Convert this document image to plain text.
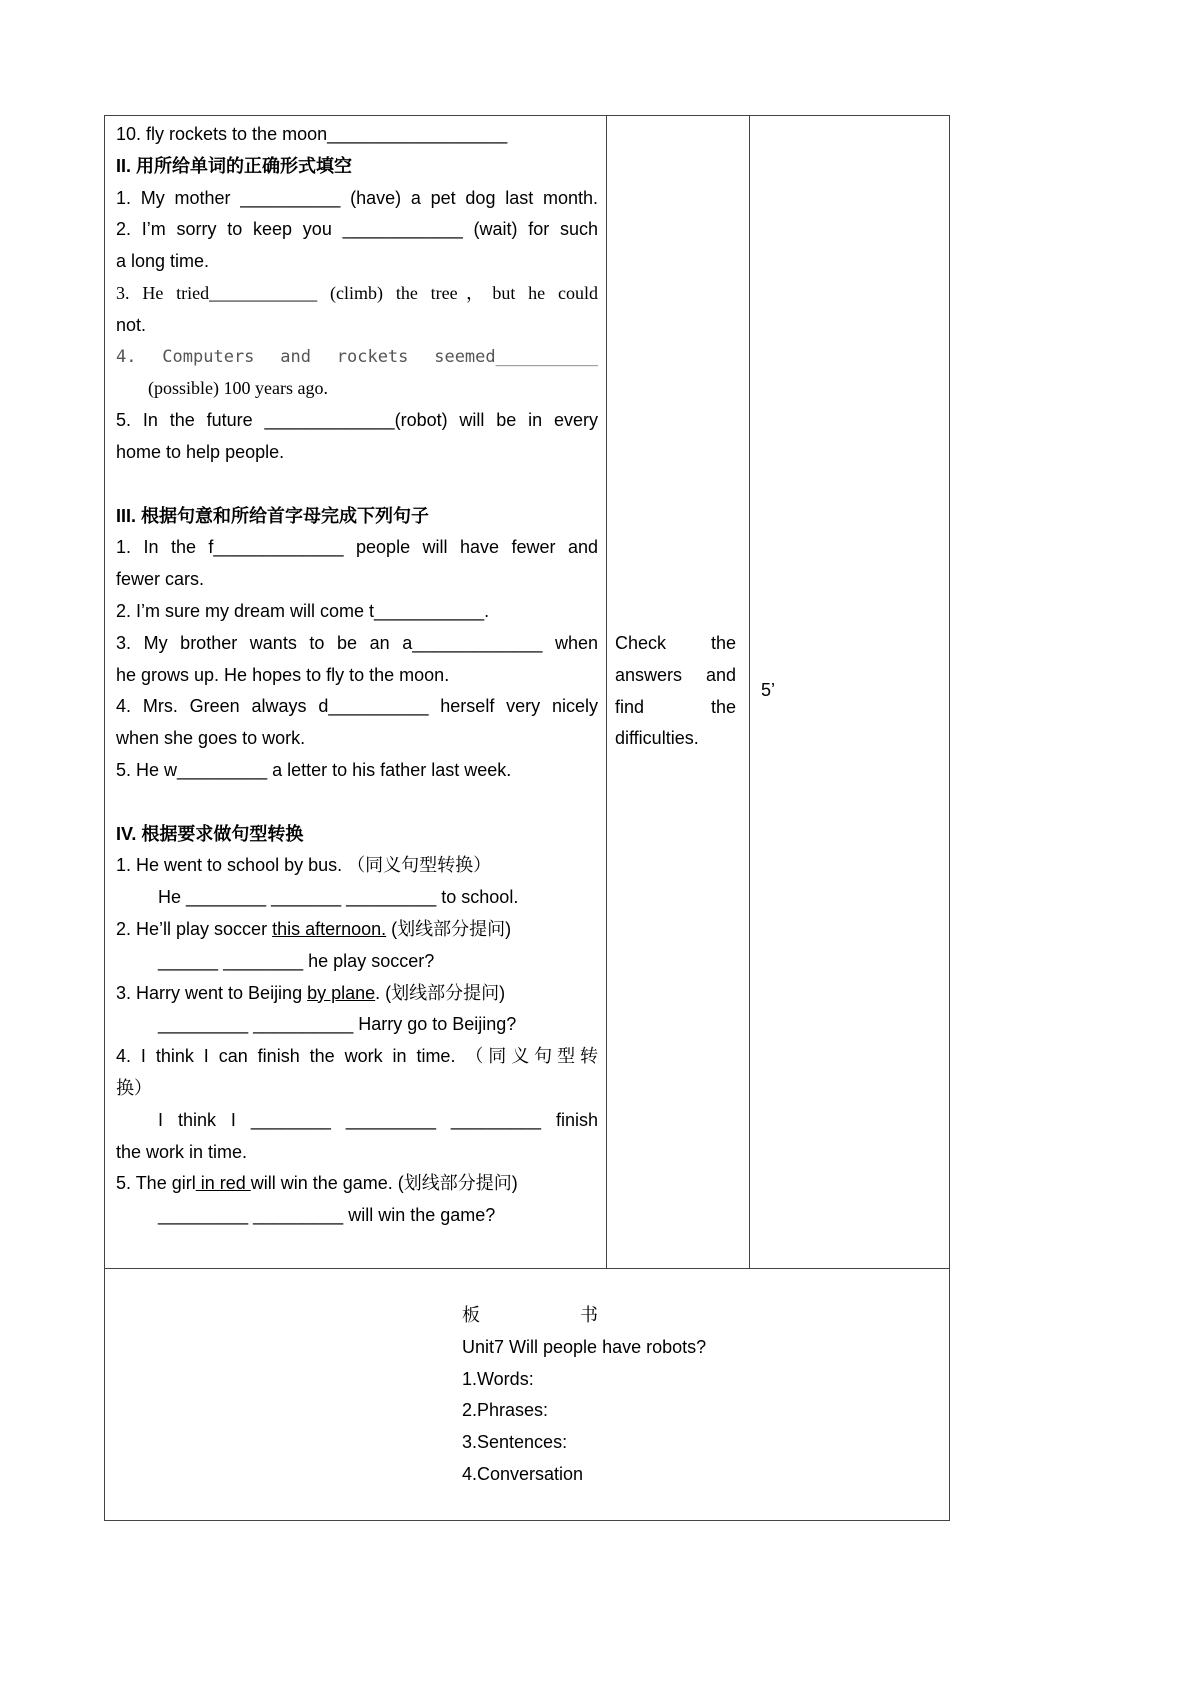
10. fly rockets to the moon__________________
II. 用所给单词的正确形式填空
1. My mother __________ (have) a pet dog last month.
2. I’m sorry to keep you ____________ (wait) for such
a long time.
3. He tried____________ (climb) the tree，but he could
not.
4. Computers and rockets seemed__________
(possible) 100 years ago.
5. In the future _____________(robot) will be in every
home to help people.
III. 根据句意和所给首字母完成下列句子
1. In the f_____________ people will have fewer and
fewer cars.
2. I’m sure my dream will come t___________.
3. My brother wants to be an a_____________ when
he grows up. He hopes to fly to the moon.
4. Mrs. Green always d__________ herself very nicely
when she goes to work.
5. He w_________ a letter to his father last week.
IV. 根据要求做句型转换
1. He went to school by bus. （同义句型转换）
He ________ _______ _________ to school.
2. He’ll play soccer this afternoon. (划线部分提问)
______ ________ he play soccer?
3. Harry went to Beijing by plane. (划线部分提问)
_________ __________ Harry go to Beijing?
4. I think I can finish the work in time. （同义句型转
换）
I think I ________ _________ _________ finish
the work in time.
5. The girl in red will win the game. (划线部分提问)
_________ _________ will win the game?
Check the
answers and
find the
difficulties.
5’
板	书
Unit7 Will people have robots?
1.Words:
2.Phrases:
3.Sentences:
4.Conversation
